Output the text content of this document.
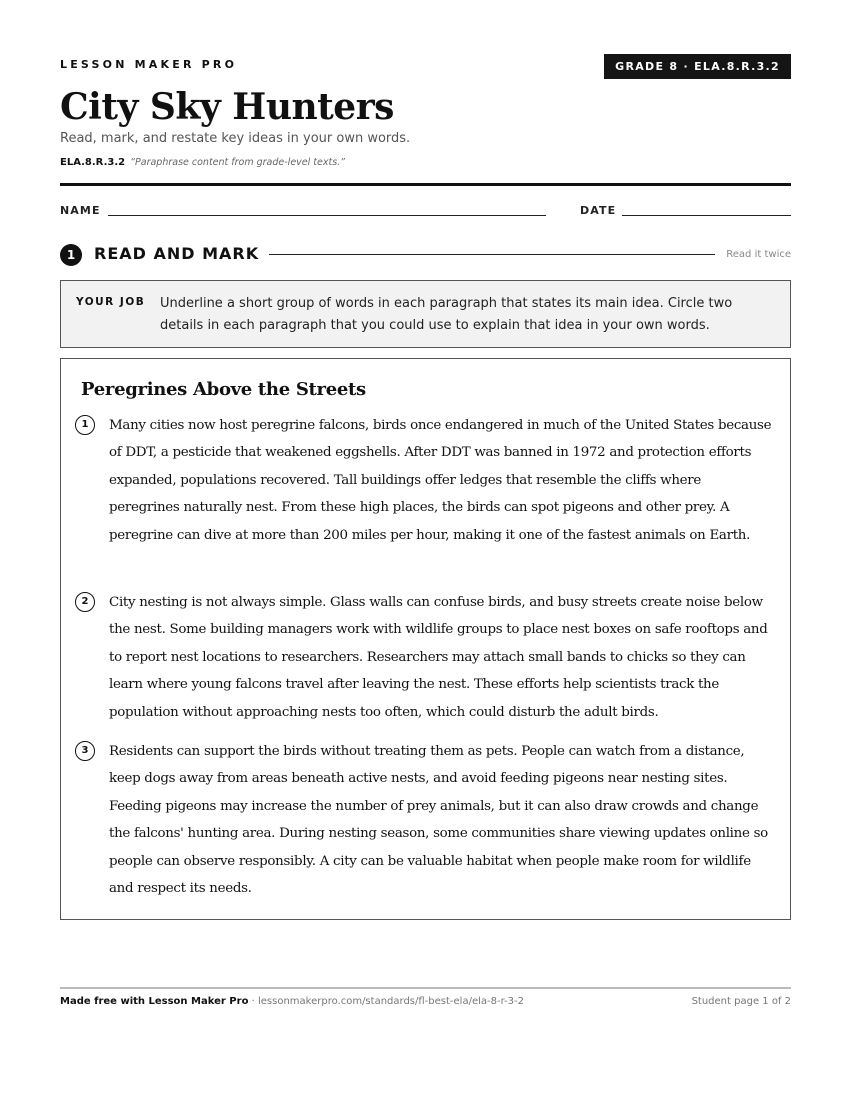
LESSON MAKER PRO	GRADE 8 · ELA.8.R.3.2
City Sky Hunters
Read, mark, and restate key ideas in your own words.
ELA.8.R.3.2 “Paraphrase content from grade-level texts.”
NAME	DATE
1	READ AND MARK	Read it twice
YOUR JOB Underline a short group of words in each paragraph that states its main idea. Circle two details in each paragraph that you could use to explain that idea in your own words.
Peregrines Above the Streets
1	Many cities now host peregrine falcons, birds once endangered in much of the United States because of DDT, a pesticide that weakened eggshells. After DDT was banned in 1972 and protection efforts expanded, populations recovered. Tall buildings offer ledges that resemble the cliffs where peregrines naturally nest. From these high places, the birds can spot pigeons and other prey. A peregrine can dive at more than 200 miles per hour, making it one of the fastest animals on Earth.

2	City nesting is not always simple. Glass walls can confuse birds, and busy streets create noise below the nest. Some building managers work with wildlife groups to place nest boxes on safe rooftops and to report nest locations to researchers. Researchers may attach small bands to chicks so they can learn where young falcons travel after leaving the nest. These efforts help scientists track the population without approaching nests too often, which could disturb the adult birds.

3	Residents can support the birds without treating them as pets. People can watch from a distance, keep dogs away from areas beneath active nests, and avoid feeding pigeons near nesting sites. Feeding pigeons may increase the number of prey animals, but it can also draw crowds and change the falcons' hunting area. During nesting season, some communities share viewing updates online so people can observe responsibly. A city can be valuable habitat when people make room for wildlife and respect its needs.

Made free with Lesson Maker Pro · lessonmakerpro.com/standards/fl-best-ela/ela-8-r-3-2	Student page 1 of 2
